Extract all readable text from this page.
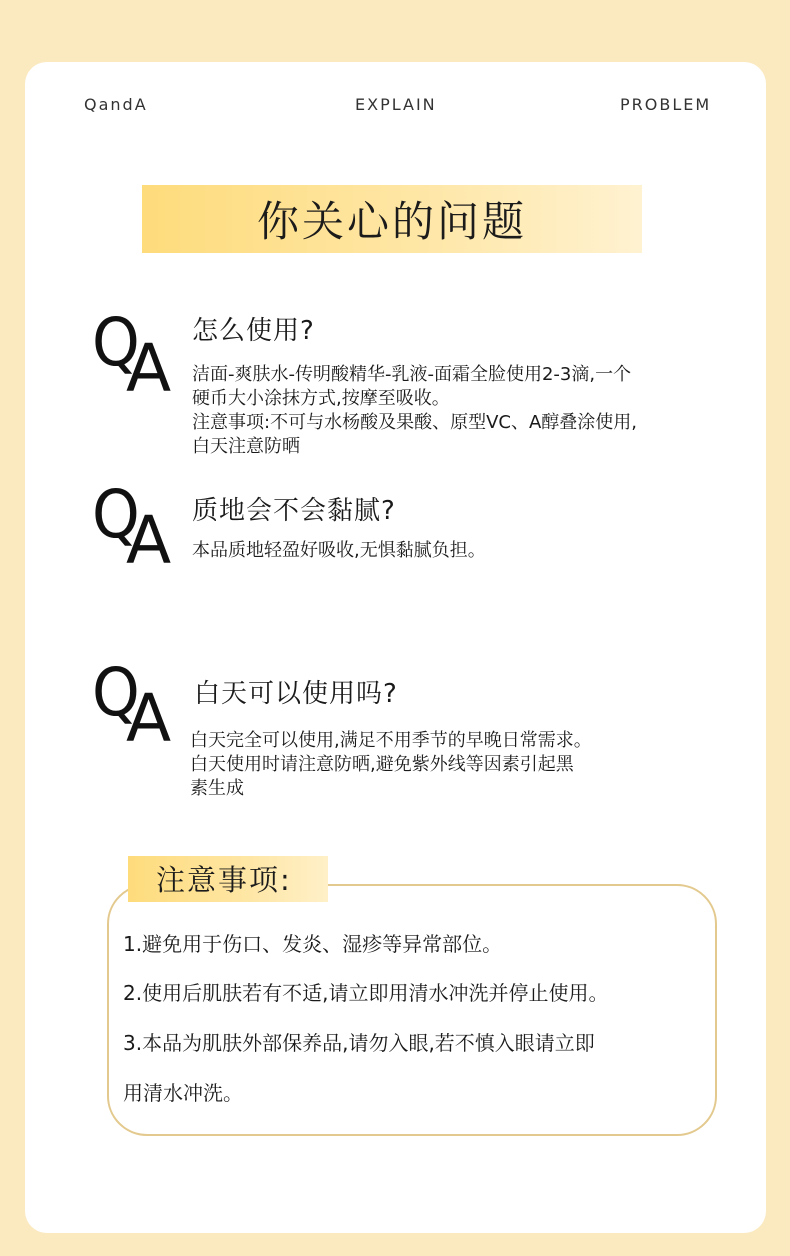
QandA	EXPLAIN	PROBLEM
你关心的问题
Q
A 怎么使用?
洁面-爽肤水-传明酸精华-乳液-面霜全脸使用2-3滴,一个
硬币大小涂抹方式,按摩至吸收。
注意事项:不可与水杨酸及果酸、原型VC、A醇叠涂使用,
白天注意防晒
Q
A 质地会不会黏腻?
本品质地轻盈好吸收,无惧黏腻负担。
Q
A 白天可以使用吗?
白天完全可以使用,满足不用季节的早晚日常需求。
白天使用时请注意防晒,避免紫外线等因素引起黑
素生成
注意事项:
1.避免用于伤口、发炎、湿疹等异常部位。
2.使用后肌肤若有不适,请立即用清水冲洗并停止使用。
3.本品为肌肤外部保养品,请勿入眼,若不慎入眼请立即
用清水冲洗。
